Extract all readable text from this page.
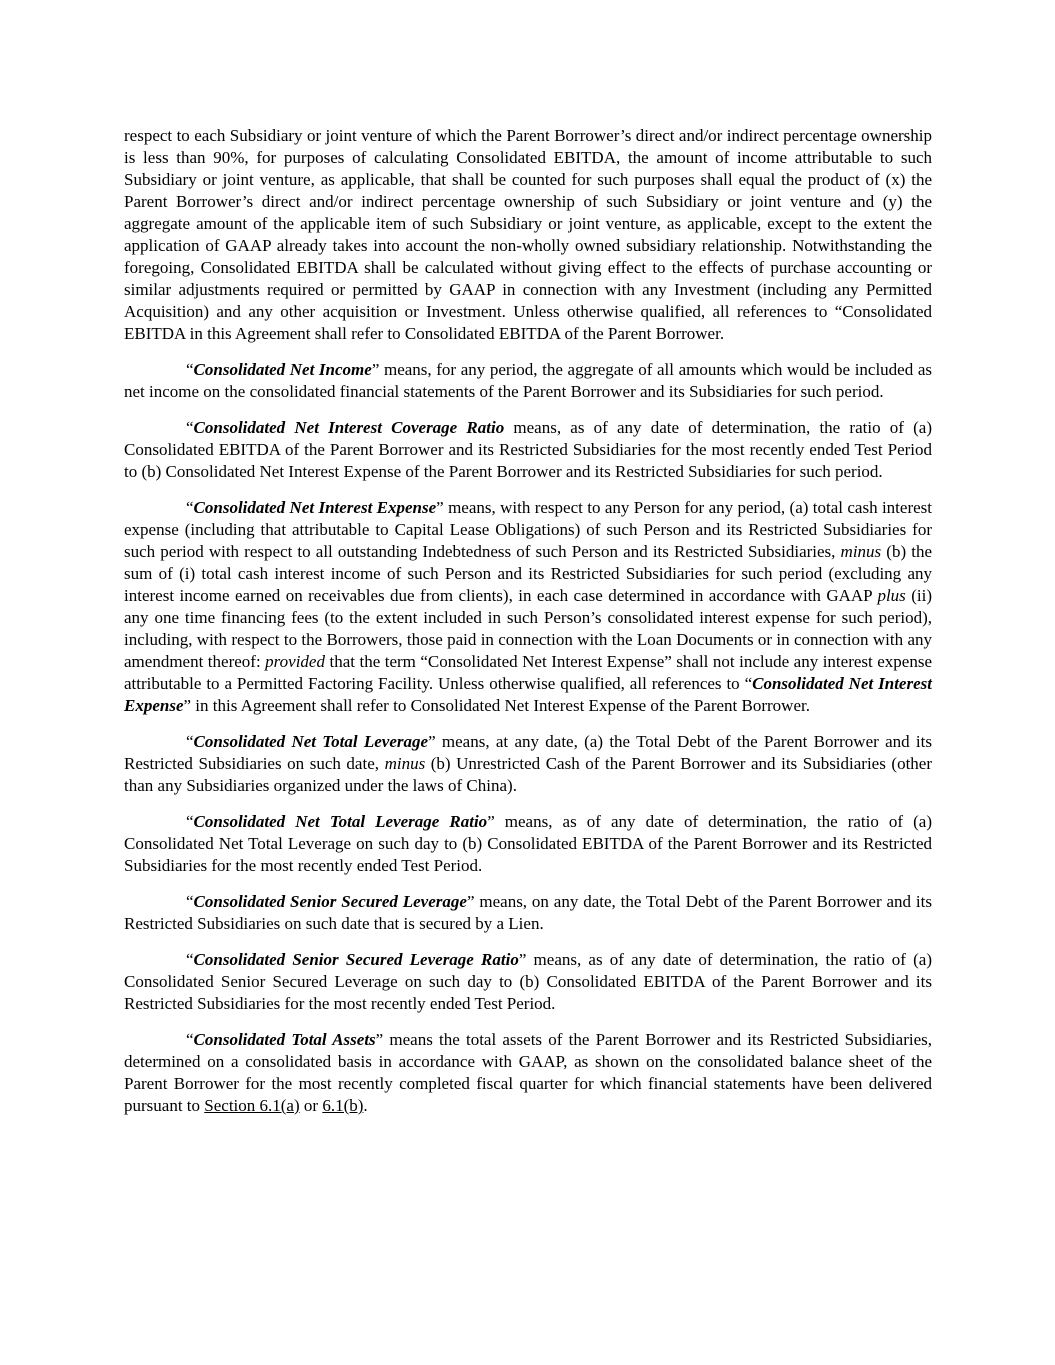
respect to each Subsidiary or joint venture of which the Parent Borrower’s direct and/or indirect percentage ownership is less than 90%, for purposes of calculating Consolidated EBITDA, the amount of income attributable to such Subsidiary or joint venture, as applicable, that shall be counted for such purposes shall equal the product of (x) the Parent Borrower’s direct and/or indirect percentage ownership of such Subsidiary or joint venture and (y) the aggregate amount of the applicable item of such Subsidiary or joint venture, as applicable, except to the extent the application of GAAP already takes into account the non-wholly owned subsidiary relationship. Notwithstanding the foregoing, Consolidated EBITDA shall be calculated without giving effect to the effects of purchase accounting or similar adjustments required or permitted by GAAP in connection with any Investment (including any Permitted Acquisition) and any other acquisition or Investment. Unless otherwise qualified, all references to “Consolidated EBITDA in this Agreement shall refer to Consolidated EBITDA of the Parent Borrower.

“Consolidated Net Income” means, for any period, the aggregate of all amounts which would be included as net income on the consolidated financial statements of the Parent Borrower and its Subsidiaries for such period.

“Consolidated Net Interest Coverage Ratio means, as of any date of determination, the ratio of (a) Consolidated EBITDA of the Parent Borrower and its Restricted Subsidiaries for the most recently ended Test Period to (b) Consolidated Net Interest Expense of the Parent Borrower and its Restricted Subsidiaries for such period.

“Consolidated Net Interest Expense” means, with respect to any Person for any period, (a) total cash interest expense (including that attributable to Capital Lease Obligations) of such Person and its Restricted Subsidiaries for such period with respect to all outstanding Indebtedness of such Person and its Restricted Subsidiaries, minus (b) the sum of (i) total cash interest income of such Person and its Restricted Subsidiaries for such period (excluding any interest income earned on receivables due from clients), in each case determined in accordance with GAAP plus (ii) any one time financing fees (to the extent included in such Person’s consolidated interest expense for such period), including, with respect to the Borrowers, those paid in connection with the Loan Documents or in connection with any amendment thereof: provided that the term “Consolidated Net Interest Expense” shall not include any interest expense attributable to a Permitted Factoring Facility. Unless otherwise qualified, all references to “Consolidated Net Interest Expense” in this Agreement shall refer to Consolidated Net Interest Expense of the Parent Borrower.

“Consolidated Net Total Leverage” means, at any date, (a) the Total Debt of the Parent Borrower and its Restricted Subsidiaries on such date, minus (b) Unrestricted Cash of the Parent Borrower and its Subsidiaries (other than any Subsidiaries organized under the laws of China).

“Consolidated Net Total Leverage Ratio” means, as of any date of determination, the ratio of (a) Consolidated Net Total Leverage on such day to (b) Consolidated EBITDA of the Parent Borrower and its Restricted Subsidiaries for the most recently ended Test Period.

“Consolidated Senior Secured Leverage” means, on any date, the Total Debt of the Parent Borrower and its Restricted Subsidiaries on such date that is secured by a Lien.

“Consolidated Senior Secured Leverage Ratio” means, as of any date of determination, the ratio of (a) Consolidated Senior Secured Leverage on such day to (b) Consolidated EBITDA of the Parent Borrower and its Restricted Subsidiaries for the most recently ended Test Period.

“Consolidated Total Assets” means the total assets of the Parent Borrower and its Restricted Subsidiaries, determined on a consolidated basis in accordance with GAAP, as shown on the consolidated balance sheet of the Parent Borrower for the most recently completed fiscal quarter for which financial statements have been delivered pursuant to Section 6.1(a) or 6.1(b).
